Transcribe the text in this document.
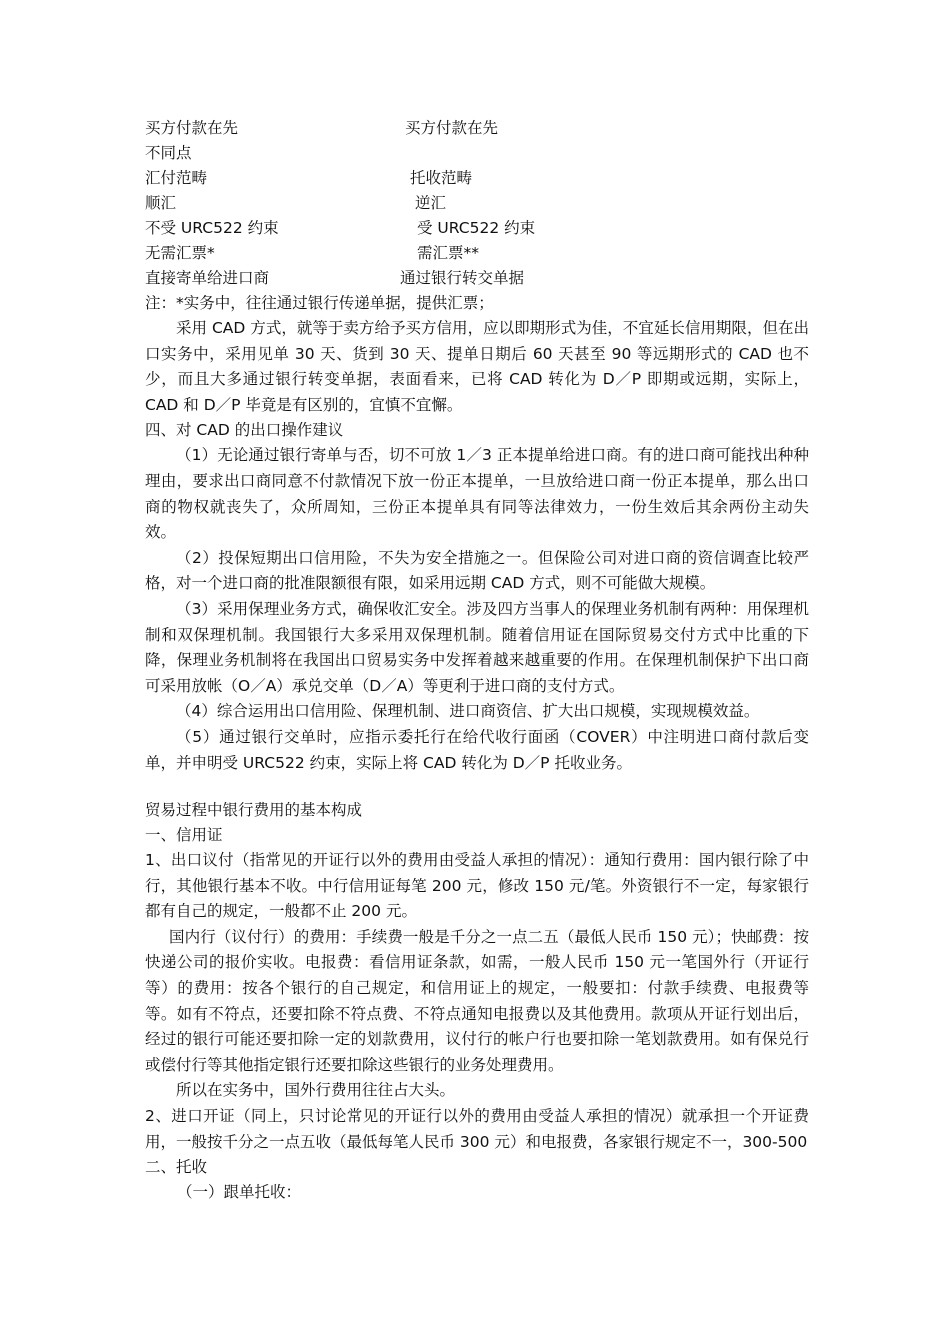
买方付款在先	买方付款在先
不同点
汇付范畴	托收范畴
顺汇	逆汇
不受 URC522 约束	受 URC522 约束
无需汇票*	需汇票**
直接寄单给进口商	通过银行转交单据
注：*实务中，往往通过银行传递单据，提供汇票；

采用 CAD 方式，就等于卖方给予买方信用，应以即期形式为佳，不宜延长信用期限，但在出口实务中，采用见单 30 天、货到 30 天、提单日期后 60 天甚至 90 等远期形式的 CAD 也不少，而且大多通过银行转变单据，表面看来，已将 CAD 转化为 D／P 即期或远期，实际上，CAD 和 D／P 毕竟是有区别的，宜慎不宜懈。

四、对 CAD 的出口操作建议

（1）无论通过银行寄单与否，切不可放 1／3 正本提单给进口商。有的进口商可能找出种种理由，要求出口商同意不付款情况下放一份正本提单，一旦放给进口商一份正本提单，那么出口商的物权就丧失了，众所周知，三份正本提单具有同等法律效力，一份生效后其余两份主动失效。

（2）投保短期出口信用险，不失为安全措施之一。但保险公司对进口商的资信调查比较严格，对一个进口商的批准限额很有限，如采用远期 CAD 方式，则不可能做大规模。

（3）采用保理业务方式，确保收汇安全。涉及四方当事人的保理业务机制有两种：用保理机制和双保理机制。我国银行大多采用双保理机制。随着信用证在国际贸易交付方式中比重的下降，保理业务机制将在我国出口贸易实务中发挥着越来越重要的作用。在保理机制保护下出口商可采用放帐（O／A）承兑交单（D／A）等更利于进口商的支付方式。

（4）综合运用出口信用险、保理机制、进口商资信、扩大出口规模，实现规模效益。

（5）通过银行交单时，应指示委托行在给代收行面函（COVER）中注明进口商付款后变单，并申明受 URC522 约束，实际上将 CAD 转化为 D／P 托收业务。

贸易过程中银行费用的基本构成
一、信用证

1、出口议付（指常见的开证行以外的费用由受益人承担的情况）：通知行费用：国内银行除了中行，其他银行基本不收。中行信用证每笔 200 元，修改 150 元/笔。外资银行不一定，每家银行都有自己的规定，一般都不止 200 元。

国内行（议付行）的费用：手续费一般是千分之一点二五（最低人民币 150 元）；快邮费：按快递公司的报价实收。电报费：看信用证条款，如需，一般人民币 150 元一笔国外行（开证行等）的费用：按各个银行的自己规定，和信用证上的规定，一般要扣：付款手续费、电报费等等。如有不符点，还要扣除不符点费、不符点通知电报费以及其他费用。款项从开证行划出后，经过的银行可能还要扣除一定的划款费用，议付行的帐户行也要扣除一笔划款费用。如有保兑行或偿付行等其他指定银行还要扣除这些银行的业务处理费用。

所以在实务中，国外行费用往往占大头。

2、进口开证（同上，只讨论常见的开证行以外的费用由受益人承担的情况）就承担一个开证费用，一般按千分之一点五收（最低每笔人民币 300 元）和电报费，各家银行规定不一，300-500

二、托收
（一）跟单托收：
